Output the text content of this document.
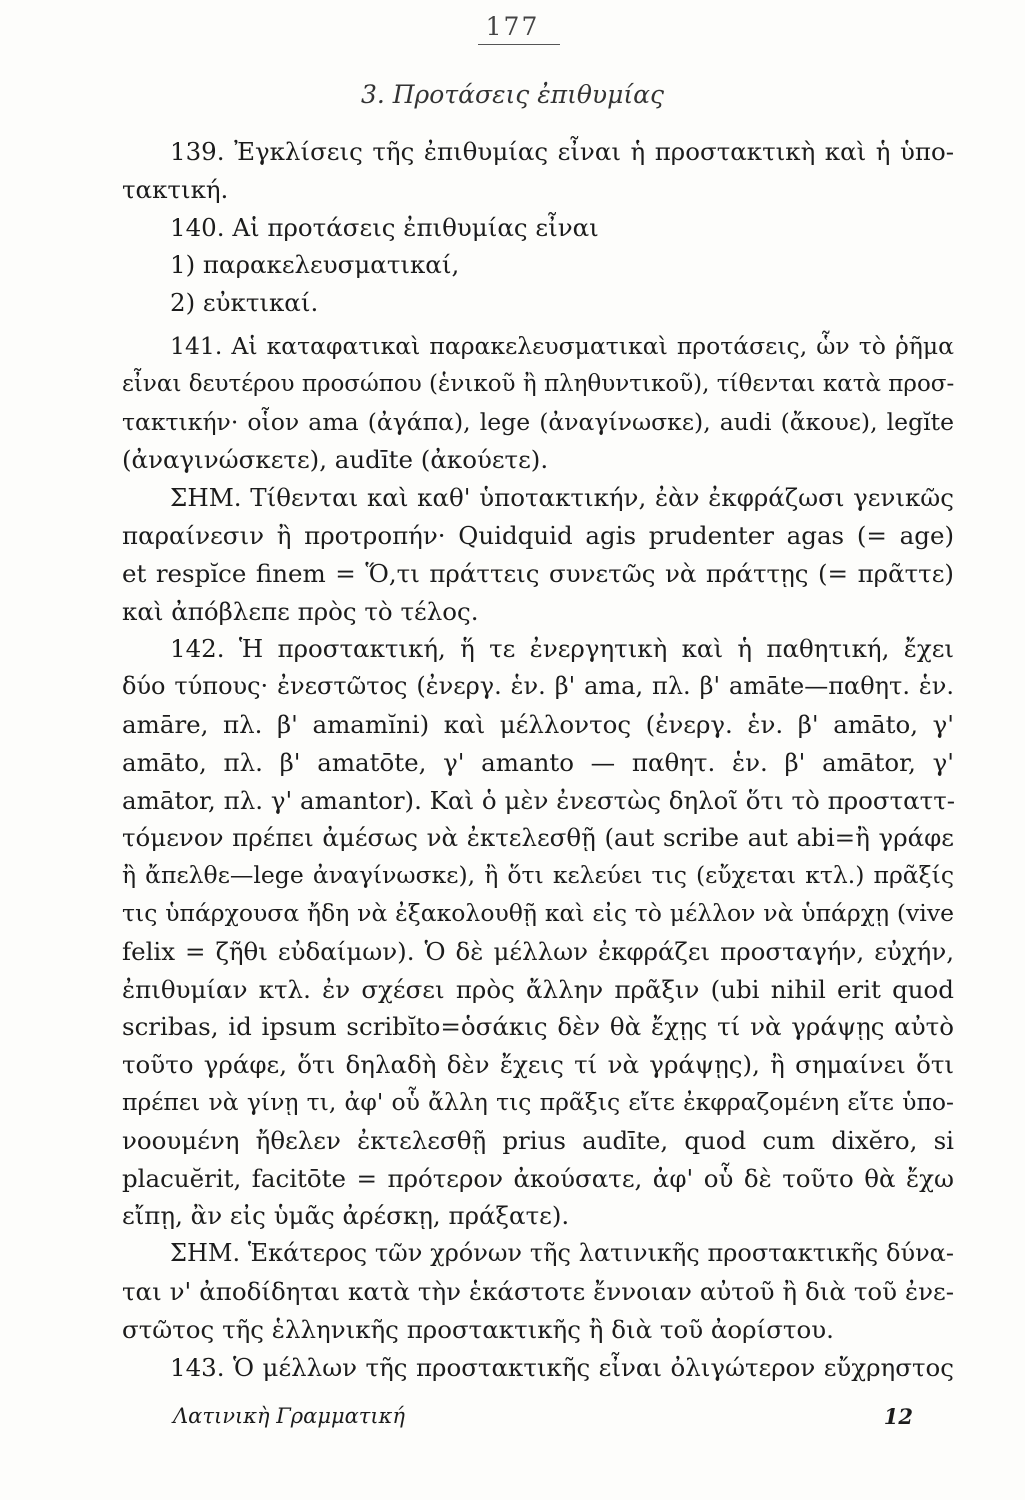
177
3. Προτάσεις ἐπιθυμίας
139. Ἐγκλίσεις τῆς ἐπιθυμίας εἶναι ἡ προστακτικὴ καὶ ἡ ὑπο-
τακτική.
140. Αἱ προτάσεις ἐπιθυμίας εἶναι
1) παρακελευσματικαί,
2) εὐκτικαί.
141. Αἱ καταφατικαὶ παρακελευσματικαὶ προτάσεις, ὧν τὸ ῥῆμα
εἶναι δευτέρου προσώπου (ἑνικοῦ ἢ πληθυντικοῦ), τίθενται κατὰ προσ-
τακτικήν· οἷον ama (ἀγάπα), lege (ἀναγίνωσκε), audi (ἄκουε), legĭte
(ἀναγινώσκετε), audīte (ἀκούετε).
ΣΗΜ. Τίθενται καὶ καθ' ὑποτακτικήν, ἐὰν ἐκφράζωσι γενικῶς
παραίνεσιν ἢ προτροπήν· Quidquid agis prudenter agas (= age)
et respĭce finem = Ὅ,τι πράττεις συνετῶς νὰ πράττῃς (= πρᾶττε)
καὶ ἀπόβλεπε πρὸς τὸ τέλος.
142. Ἡ προστακτική, ἥ τε ἐνεργητικὴ καὶ ἡ παθητική, ἔχει
δύο τύπους· ἐνεστῶτος (ἐνεργ. ἑν. β' ama, πλ. β' amāte—παθητ. ἑν.
amāre, πλ. β' amamĭni) καὶ μέλλοντος (ἐνεργ. ἑν. β' amāto, γ'
amāto, πλ. β' amatōte, γ' amanto — παθητ. ἑν. β' amātor, γ'
amātor, πλ. γ' amantor). Καὶ ὁ μὲν ἐνεστὼς δηλοῖ ὅτι τὸ προσταττ-
τόμενον πρέπει ἀμέσως νὰ ἐκτελεσθῇ (aut scribe aut abi=ἢ γράφε
ἢ ἄπελθε—lege ἀναγίνωσκε), ἢ ὅτι κελεύει τις (εὔχεται κτλ.) πρᾶξίς
τις ὑπάρχουσα ἤδη νὰ ἐξακολουθῇ καὶ εἰς τὸ μέλλον νὰ ὑπάρχῃ (vive
felix = ζῆθι εὐδαίμων). Ὁ δὲ μέλλων ἐκφράζει προσταγήν, εὐχήν,
ἐπιθυμίαν κτλ. ἐν σχέσει πρὸς ἄλλην πρᾶξιν (ubi nihil erit quod
scribas, id ipsum scribĭto=ὁσάκις δὲν θὰ ἔχῃς τί νὰ γράψῃς αὐτὸ
τοῦτο γράφε, ὅτι δηλαδὴ δὲν ἔχεις τί νὰ γράψῃς), ἢ σημαίνει ὅτι
πρέπει νὰ γίνῃ τι, ἀφ' οὗ ἄλλη τις πρᾶξις εἴτε ἐκφραζομένη εἴτε ὑπο-
νοουμένη ἤθελεν ἐκτελεσθῇ prius audīte, quod cum dixĕro, si
placuĕrit, facitōte = πρότερον ἀκούσατε, ἀφ' οὗ δὲ τοῦτο θὰ ἔχω
εἴπῃ, ἂν εἰς ὑμᾶς ἀρέσκῃ, πράξατε).
ΣΗΜ. Ἑκάτερος τῶν χρόνων τῆς λατινικῆς προστακτικῆς δύνα-
ται ν' ἀποδίδηται κατὰ τὴν ἑκάστοτε ἔννοιαν αὐτοῦ ἢ διὰ τοῦ ἐνε-
στῶτος τῆς ἑλληνικῆς προστακτικῆς ἢ διὰ τοῦ ἀορίστου.
143. Ὁ μέλλων τῆς προστακτικῆς εἶναι ὀλιγώτερον εὔχρηστος
Λατινικὴ Γραμματική	12
